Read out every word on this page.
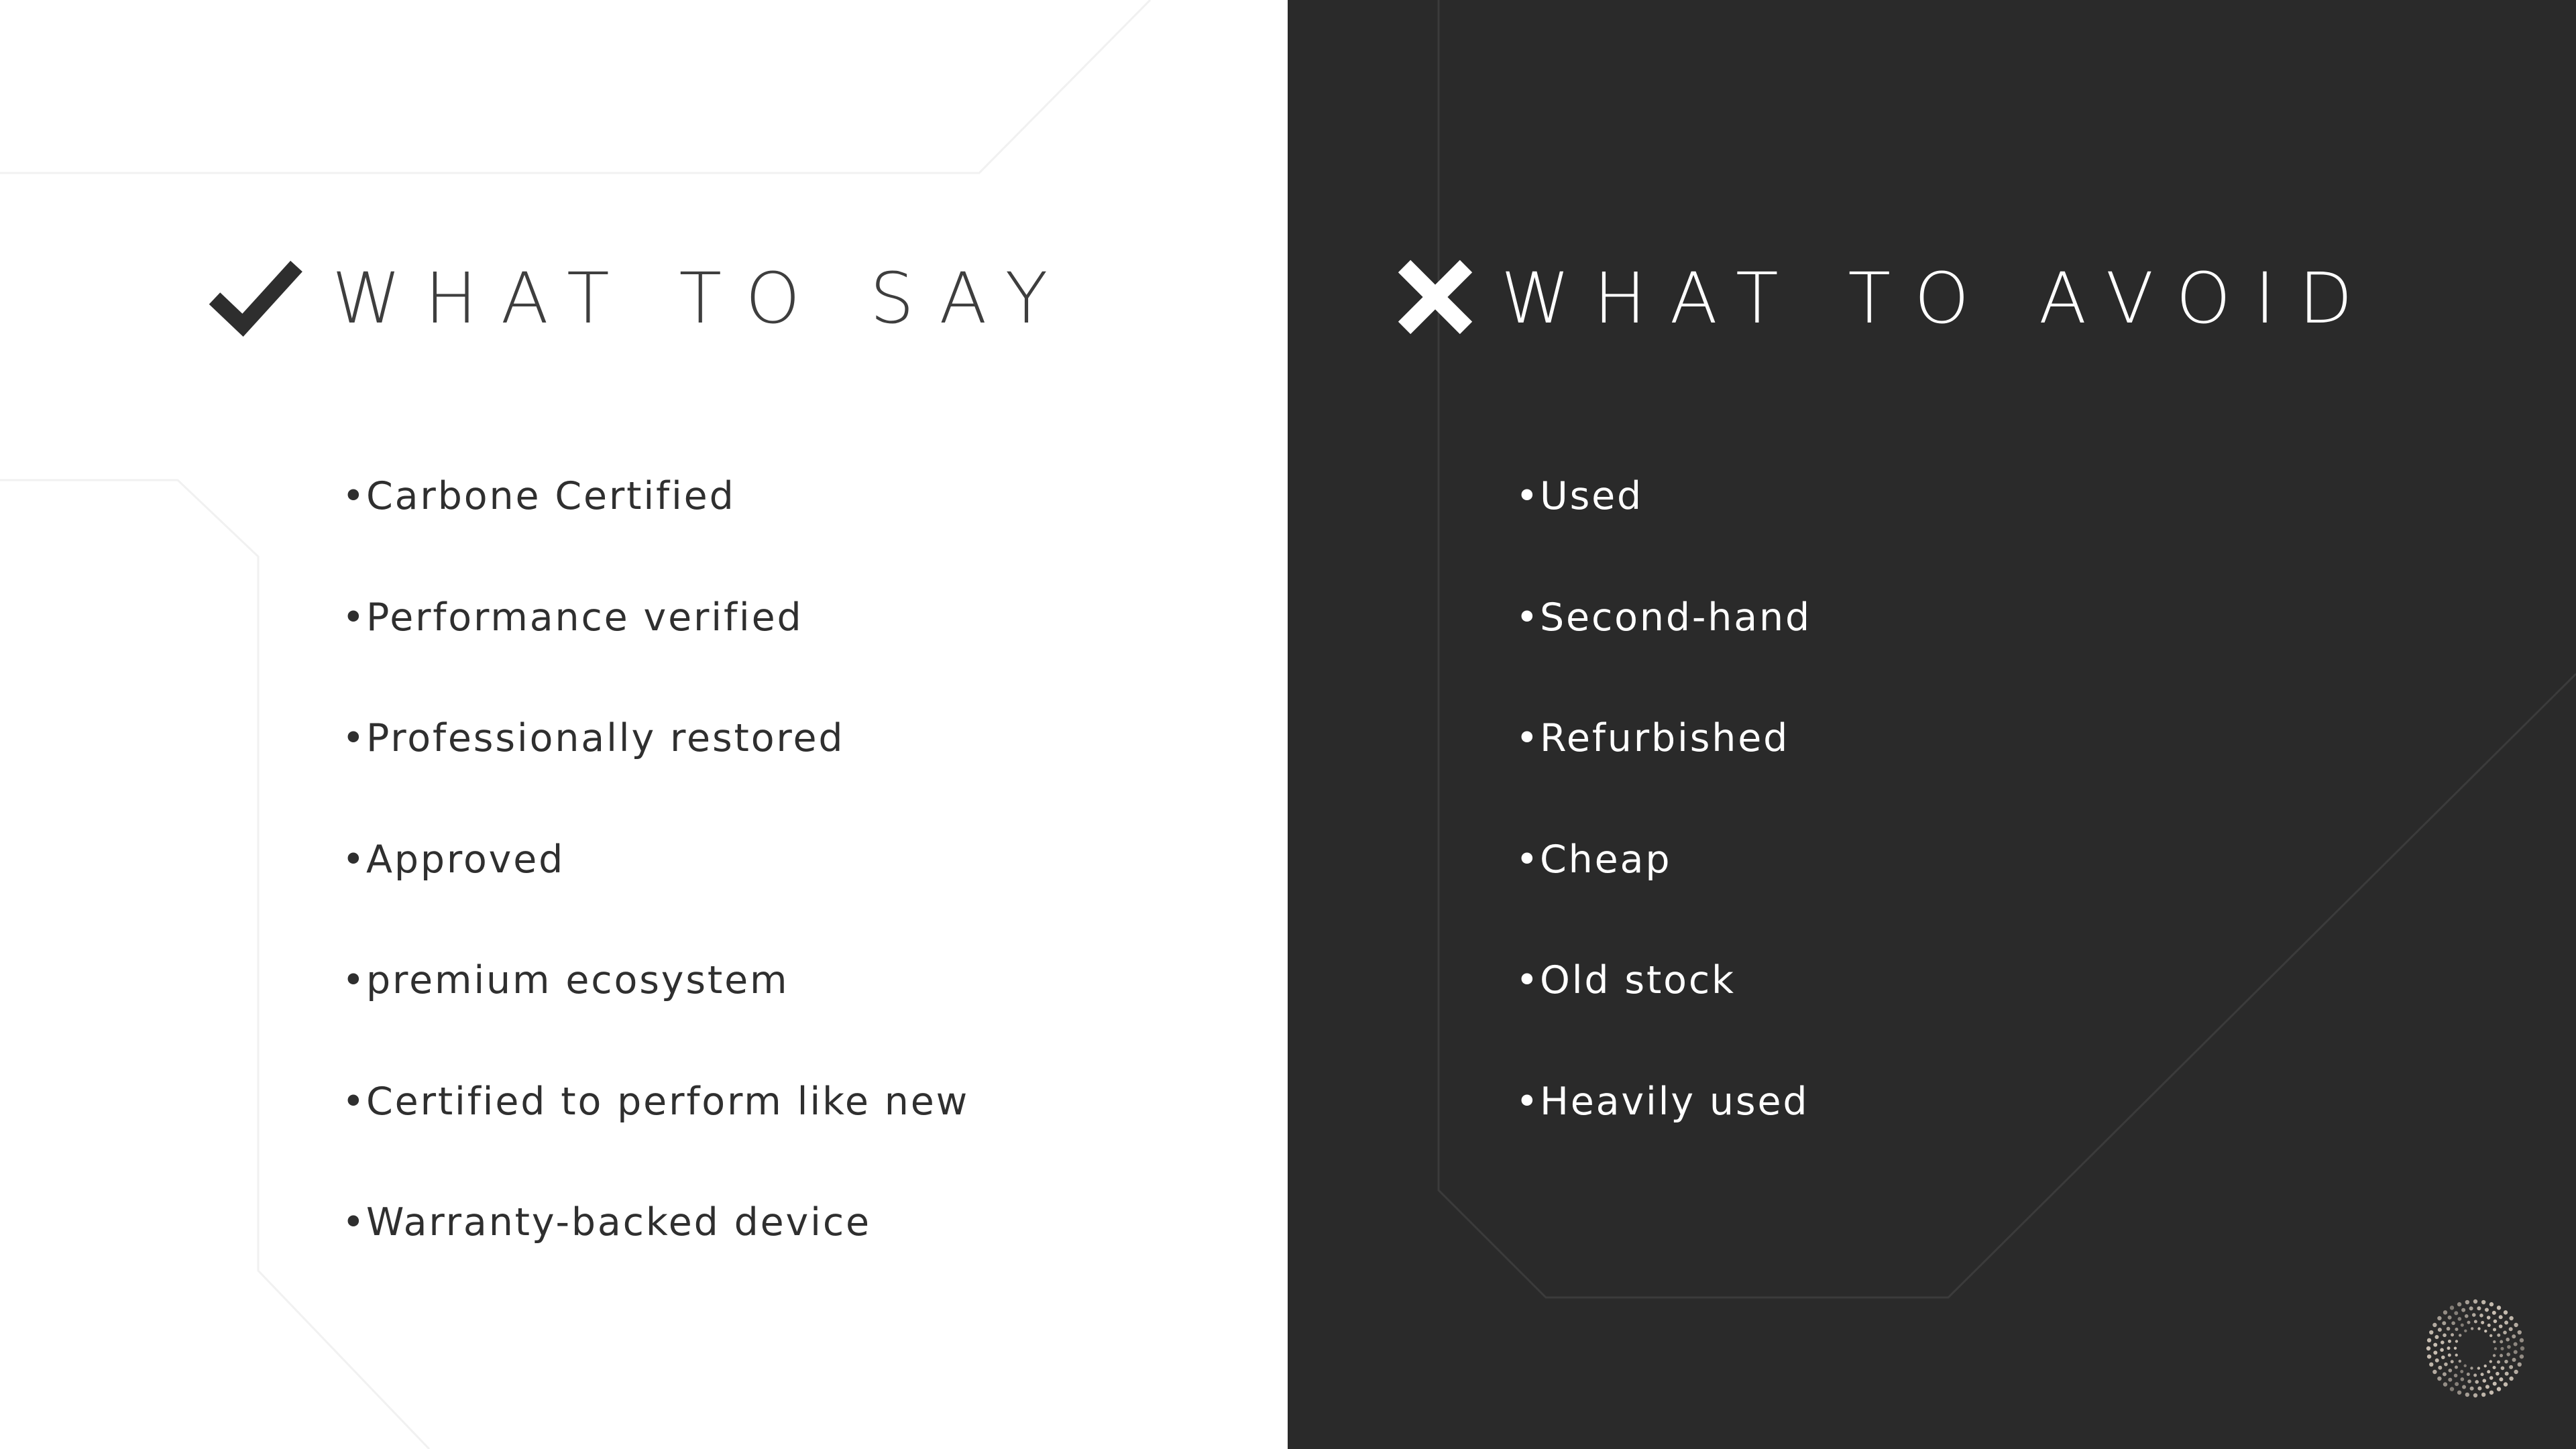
WHAT TO SAY
• Carbone Certified
• Performance verified
• Professionally restored
• Approved
• premium ecosystem
• Certified to perform like new
• Warranty-backed device
WHAT TO AVOID
• Used
• Second-hand
• Refurbished
• Cheap
• Old stock
• Heavily used
